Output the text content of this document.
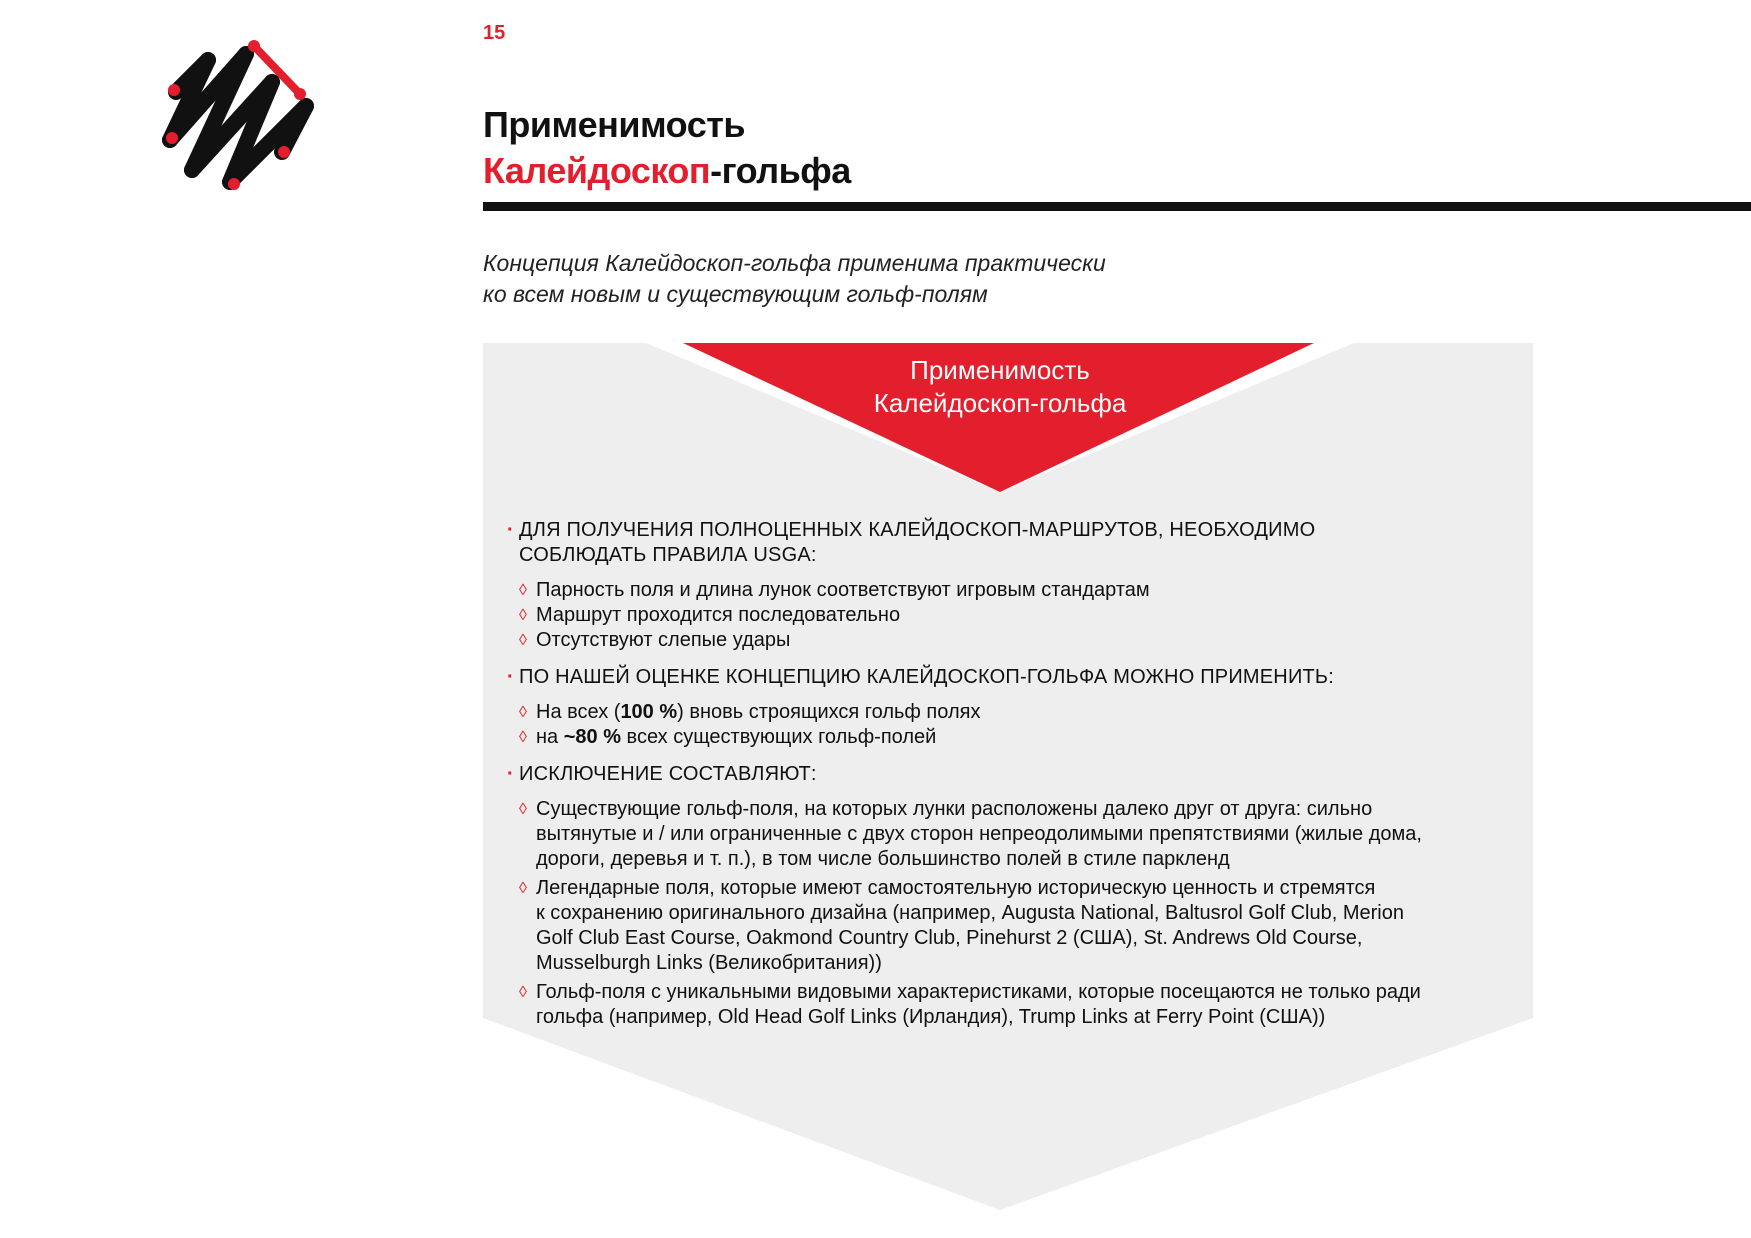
15
Применимость
Калейдоскоп-гольфа
Концепция Калейдоскоп-гольфа применима практически
ко всем новым и существующим гольф-полям
Применимость
Калейдоскоп-гольфа
· ДЛЯ ПОЛУЧЕНИЯ ПОЛНОЦЕННЫХ КАЛЕЙДОСКОП-МАРШРУТОВ, НЕОБХОДИМО
СОБЛЮДАТЬ ПРАВИЛА USGA:
◊ Парность поля и длина лунок соответствуют игровым стандартам
◊ Маршрут проходится последовательно
◊ Отсутствуют слепые удары
· ПО НАШЕЙ ОЦЕНКЕ КОНЦЕПЦИЮ КАЛЕЙДОСКОП-ГОЛЬФА МОЖНО ПРИМЕНИТЬ:
◊ На всех (100 %) вновь строящихся гольф полях
◊ на ~80 % всех существующих гольф-полей
· ИСКЛЮЧЕНИЕ СОСТАВЛЯЮТ:
◊ Существующие гольф-поля, на которых лунки расположены далеко друг от друга: сильно
вытянутые и / или ограниченные с двух сторон непреодолимыми препятствиями (жилые дома,
дороги, деревья и т. п.), в том числе большинство полей в стиле паркленд
◊ Легендарные поля, которые имеют самостоятельную историческую ценность и стремятся
к сохранению оригинального дизайна (например, Augusta National, Baltusrol Golf Club, Merion
Golf Club East Course, Oakmond Country Club, Pinehurst 2 (США), St. Andrews Old Course,
Musselburgh Links (Великобритания))
◊ Гольф-поля с уникальными видовыми характеристиками, которые посещаются не только ради
гольфа (например, Old Head Golf Links (Ирландия), Trump Links at Ferry Point (США))
